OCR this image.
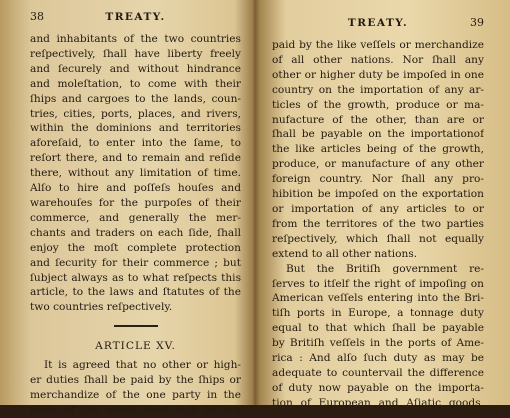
38	TREATY.
and inhabitants of the two countries
reſpectively, ſhall have liberty freely
and ſecurely and without hindrance
and moleſtation, to come with their
ſhips and cargoes to the lands, coun-
tries, cities, ports, places, and rivers,
within the dominions and territories
aforeſaid, to enter into the ſame, to
reſort there, and to remain and reſide
there, without any limitation of time.
Alſo to hire and poſſeſs houſes and
warehouſes for the purpoſes of their
commerce, and generally the mer-
chants and traders on each ſide, ſhall
enjoy the moſt complete protection
and ſecurity for their commerce ; but
ſubject always as to what reſpects this
article, to the laws and ſtatutes of the
two countries reſpectively.
ARTICLE XV.
It is agreed that no other or high-
er duties ſhall be paid by the ſhips or
merchandize of the one party in the
ports of the other, than ſuch as are
TREATY.	39
paid by the like veſſels or merchandize
of all other nations. Nor ſhall any
other or higher duty be impoſed in one
country on the importation of any ar-
ticles of the growth, produce or ma-
nufacture of the other, than are or
ſhall be payable on the importationof
the like articles being of the growth,
produce, or manufacture of any other
foreign country. Nor ſhall any pro-
hibition be impoſed on the exportation
or importation of any articles to or
from the territores of the two parties
reſpectively, which ſhall not equally
extend to all other nations.
But the Britiſh government re-
ſerves to itſelf the right of impoſing on
American veſſels entering into the Bri-
tiſh ports in Europe, a tonnage duty
equal to that which ſhall be payable
by Britiſh veſſels in the ports of Ame-
rica : And alſo ſuch duty as may be
adequate to countervail the difference
of duty now payable on the importa-
tion of European and Aſiatic goods,
